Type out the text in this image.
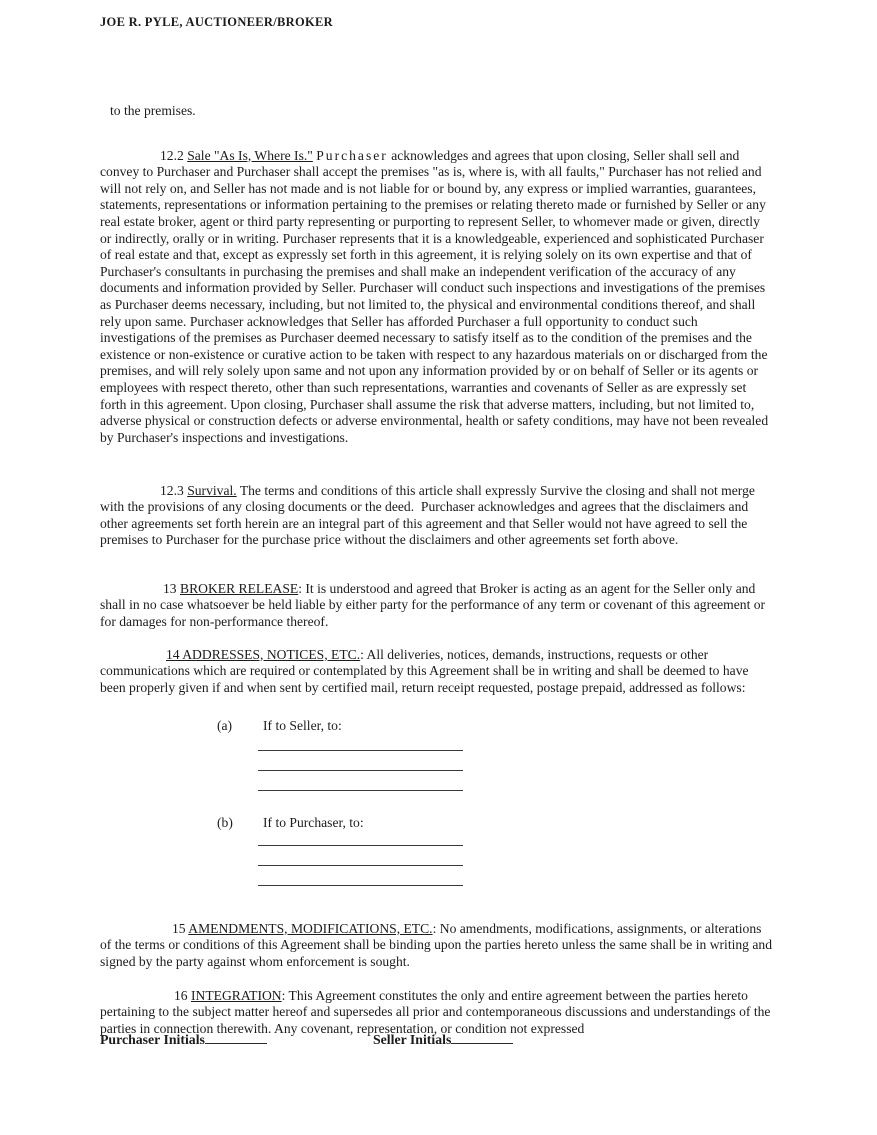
JOE R. PYLE, AUCTIONEER/BROKER
to the premises.

12.2 Sale "As Is, Where Is." Purchaser acknowledges and agrees that upon closing, Seller shall sell and convey to Purchaser and Purchaser shall accept the premises "as is, where is, with all faults," Purchaser has not relied and will not rely on, and Seller has not made and is not liable for or bound by, any express or implied warranties, guarantees, statements, representations or information pertaining to the premises or relating thereto made or furnished by Seller or any real estate broker, agent or third party representing or purporting to represent Seller, to whomever made or given, directly or indirectly, orally or in writing. Purchaser represents that it is a knowledgeable, experienced and sophisticated Purchaser of real estate and that, except as expressly set forth in this agreement, it is relying solely on its own expertise and that of Purchaser's consultants in purchasing the premises and shall make an independent verification of the accuracy of any documents and information provided by Seller. Purchaser will conduct such inspections and investigations of the premises as Purchaser deems necessary, including, but not limited to, the physical and environmental conditions thereof, and shall rely upon same. Purchaser acknowledges that Seller has afforded Purchaser a full opportunity to conduct such investigations of the premises as Purchaser deemed necessary to satisfy itself as to the condition of the premises and the existence or non-existence or curative action to be taken with respect to any hazardous materials on or discharged from the premises, and will rely solely upon same and not upon any information provided by or on behalf of Seller or its agents or employees with respect thereto, other than such representations, warranties and covenants of Seller as are expressly set forth in this agreement. Upon closing, Purchaser shall assume the risk that adverse matters, including, but not limited to, adverse physical or construction defects or adverse environmental, health or safety conditions, may have not been revealed by Purchaser's inspections and investigations.

12.3 Survival. The terms and conditions of this article shall expressly Survive the closing and shall not merge with the provisions of any closing documents or the deed.  Purchaser acknowledges and agrees that the disclaimers and other agreements set forth herein are an integral part of this agreement and that Seller would not have agreed to sell the premises to Purchaser for the purchase price without the disclaimers and other agreements set forth above.

13 BROKER RELEASE: It is understood and agreed that Broker is acting as an agent for the Seller only and shall in no case whatsoever be held liable by either party for the performance of any term or covenant of this agreement or for damages for non-performance thereof.

14 ADDRESSES, NOTICES, ETC.: All deliveries, notices, demands, instructions, requests or other communications which are required or contemplated by this Agreement shall be in writing and shall be deemed to have been properly given if and when sent by certified mail, return receipt requested, postage prepaid, addressed as follows:

(a) If to Seller, to:
(b) If to Purchaser, to:

15 AMENDMENTS, MODIFICATIONS, ETC.: No amendments, modifications, assignments, or alterations of the terms or conditions of this Agreement shall be binding upon the parties hereto unless the same shall be in writing and signed by the party against whom enforcement is sought.

16 INTEGRATION: This Agreement constitutes the only and entire agreement between the parties hereto pertaining to the subject matter hereof and supersedes all prior and contemporaneous discussions and understandings of the parties in connection therewith. Any covenant, representation, or condition not expressed

Purchaser Initials	Seller Initials
